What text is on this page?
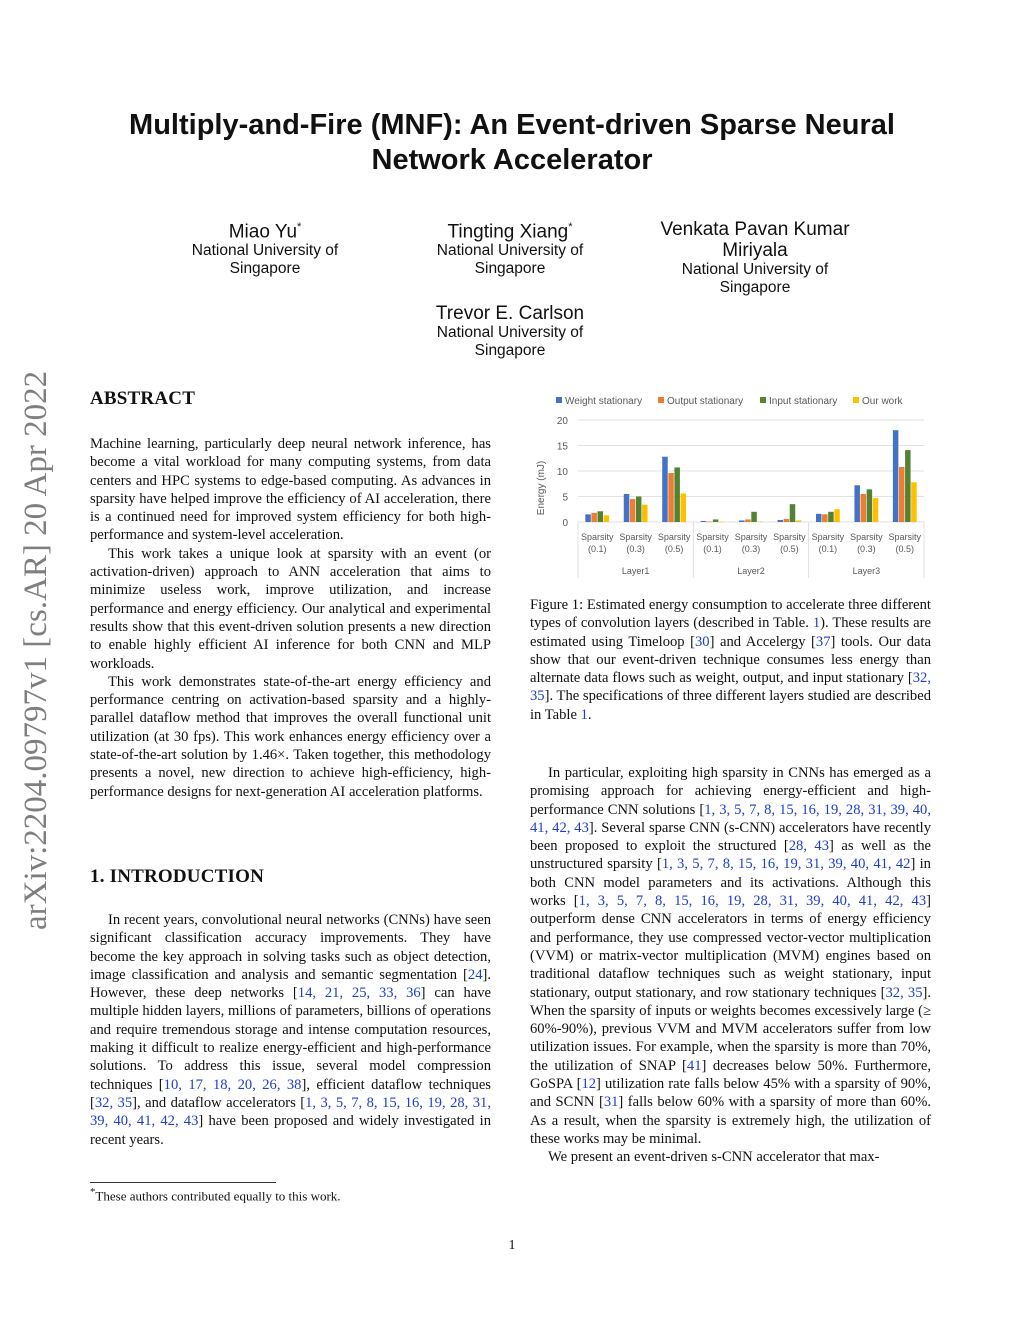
arXiv:2204.09797v1 [cs.AR] 20 Apr 2022
Multiply-and-Fire (MNF): An Event-driven Sparse Neural
Network Accelerator
Miao Yu*
National University of
Singapore
Tingting Xiang*
National University of
Singapore
Venkata Pavan Kumar
Miriyala
National University of
Singapore
Trevor E. Carlson
National University of
Singapore
ABSTRACT

Machine learning, particularly deep neural network inference, has become a vital workload for many computing systems, from data centers and HPC systems to edge-based computing. As advances in sparsity have helped improve the efficiency of AI acceleration, there is a continued need for improved system efficiency for both high-performance and system-level acceleration.

This work takes a unique look at sparsity with an event (or activation-driven) approach to ANN acceleration that aims to minimize useless work, improve utilization, and increase performance and energy efficiency. Our analytical and experimental results show that this event-driven solution presents a new direction to enable highly efficient AI inference for both CNN and MLP workloads.

This work demonstrates state-of-the-art energy efficiency and performance centring on activation-based sparsity and a highly-parallel dataflow method that improves the overall functional unit utilization (at 30 fps). This work enhances energy efficiency over a state-of-the-art solution by 1.46×. Taken together, this methodology presents a novel, new direction to achieve high-efficiency, high-performance designs for next-generation AI acceleration platforms.

1. INTRODUCTION

In recent years, convolutional neural networks (CNNs) have seen significant classification accuracy improvements. They have become the key approach in solving tasks such as object detection, image classification and analysis and semantic segmentation [24]. However, these deep networks [14, 21, 25, 33, 36] can have multiple hidden layers, millions of parameters, billions of operations and require tremendous storage and intense computation resources, making it difficult to realize energy-efficient and high-performance solutions. To address this issue, several model compression techniques [10, 17, 18, 20, 26, 38], efficient dataflow techniques [32, 35], and dataflow accelerators [1, 3, 5, 7, 8, 15, 16, 19, 28, 31, 39, 40, 41, 42, 43] have been proposed and widely investigated in recent years.

*These authors contributed equally to this work.
Weight stationary Output stationary	Input stationary Our work
Energy (mJ)
0
5
10
15
20
Sparsity
(0.1)
Sparsity
(0.3)
Sparsity
(0.5)
Sparsity
(0.1)
Sparsity
(0.3)
Sparsity
(0.5)
Sparsity
(0.1)
Sparsity
(0.3)
Sparsity
(0.5)
Layer1	Layer2	Layer3
Figure 1: Estimated energy consumption to accelerate three different types of convolution layers (described in Table. 1). These results are estimated using Timeloop [30] and Accelergy [37] tools. Our data show that our event-driven technique consumes less energy than alternate data flows such as weight, output, and input stationary [32, 35]. The specifications of three different layers studied are described in Table 1.

In particular, exploiting high sparsity in CNNs has emerged as a promising approach for achieving energy-efficient and high-performance CNN solutions [1, 3, 5, 7, 8, 15, 16, 19, 28, 31, 39, 40, 41, 42, 43]. Several sparse CNN (s-CNN) accelerators have recently been proposed to exploit the structured [28, 43] as well as the unstructured sparsity [1, 3, 5, 7, 8, 15, 16, 19, 31, 39, 40, 41, 42] in both CNN model parameters and its activations. Although this works [1, 3, 5, 7, 8, 15, 16, 19, 28, 31, 39, 40, 41, 42, 43] outperform dense CNN accelerators in terms of energy efficiency and performance, they use compressed vector-vector multiplication (VVM) or matrix-vector multiplication (MVM) engines based on traditional dataflow techniques such as weight stationary, input stationary, output stationary, and row stationary techniques [32, 35]. When the sparsity of inputs or weights becomes excessively large (≥ 60%-90%), previous VVM and MVM accelerators suffer from low utilization issues. For example, when the sparsity is more than 70%, the utilization of SNAP [41] decreases below 50%. Furthermore, GoSPA [12] utilization rate falls below 45% with a sparsity of 90%, and SCNN [31] falls below 60% with a sparsity of more than 60%. As a result, when the sparsity is extremely high, the utilization of these works may be minimal.

We present an event-driven s-CNN accelerator that max-

1
